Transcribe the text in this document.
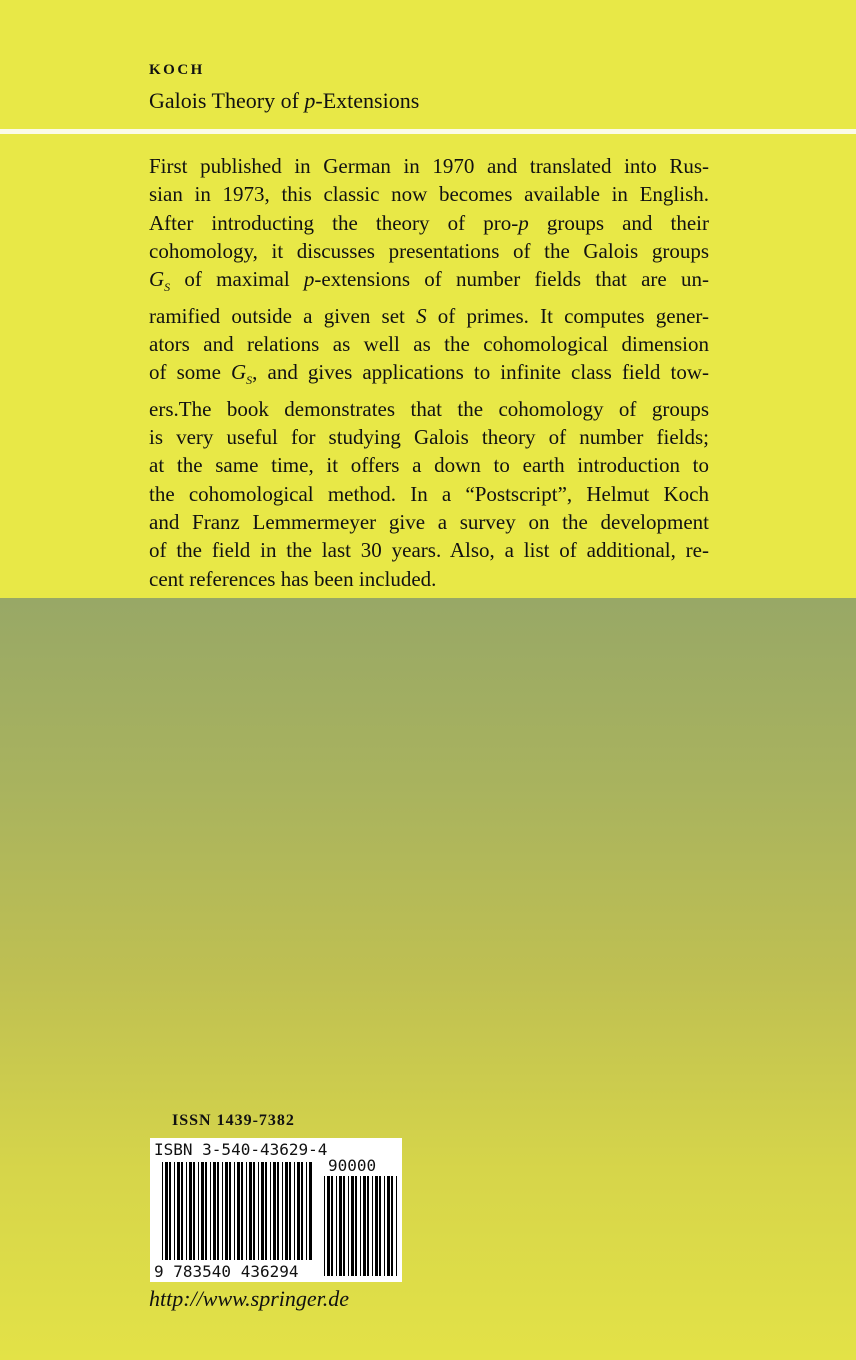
KOCH
Galois Theory of p-Extensions
First published in German in 1970 and translated into Rus-
sian in 1973, this classic now becomes available in English.
After introducting the theory of pro-p groups and their
cohomology, it discusses presentations of the Galois groups
$G_S$ of maximal p-extensions of number fields that are un-
ramified outside a given set S of primes. It computes gener-
ators and relations as well as the cohomological dimension
of some $G_S$, and gives applications to infinite class field tow-
ers.The book demonstrates that the cohomology of groups
is very useful for studying Galois theory of number fields;
at the same time, it offers a down to earth introduction to
the cohomological method. In a “Postscript”, Helmut Koch
and Franz Lemmermeyer give a survey on the development
of the field in the last 30 years. Also, a list of additional, re-
cent references has been included.
ISSN 1439-7382
ISBN 3-540-43629-4
90000
9 783540 436294
http://www.springer.de
